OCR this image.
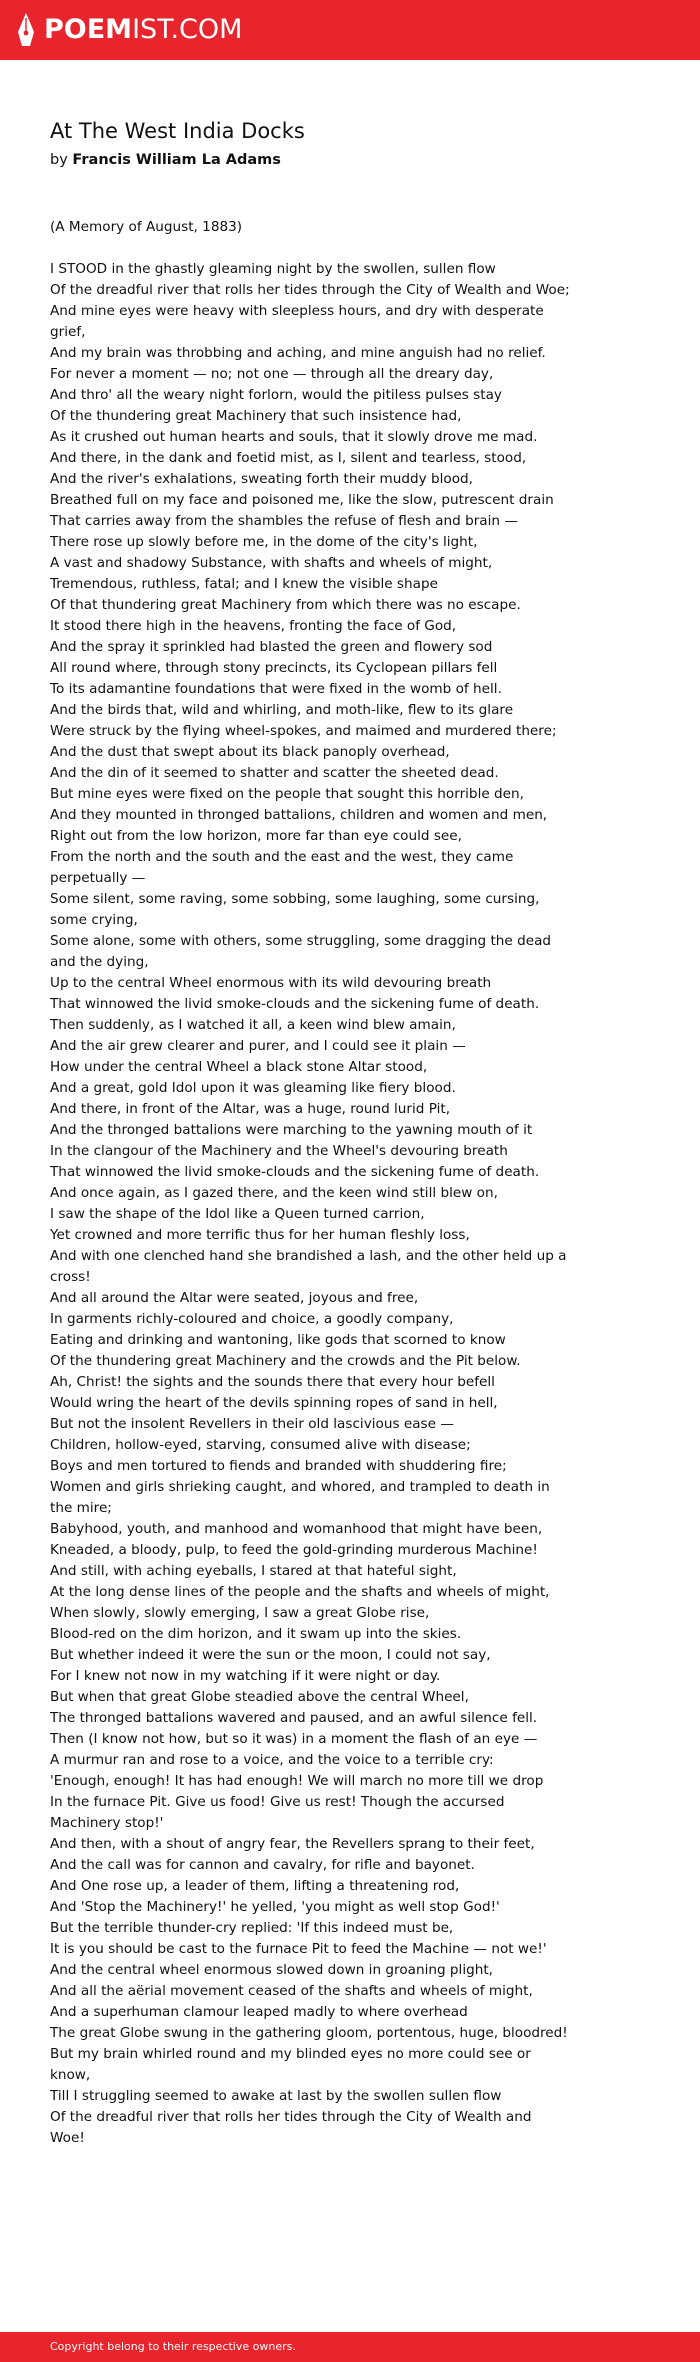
POEMIST.COM
At The West India Docks
by Francis William La Adams
(A Memory of August, 1883)
I STOOD in the ghastly gleaming night by the swollen, sullen flow
Of the dreadful river that rolls her tides through the City of Wealth and Woe;
And mine eyes were heavy with sleepless hours, and dry with desperate grief,
And my brain was throbbing and aching, and mine anguish had no relief.
For never a moment — no; not one — through all the dreary day,
And thro' all the weary night forlorn, would the pitiless pulses stay
Of the thundering great Machinery that such insistence had,
As it crushed out human hearts and souls, that it slowly drove me mad.
And there, in the dank and foetid mist, as I, silent and tearless, stood,
And the river's exhalations, sweating forth their muddy blood,
Breathed full on my face and poisoned me, like the slow, putrescent drain
That carries away from the shambles the refuse of flesh and brain —
There rose up slowly before me, in the dome of the city's light,
A vast and shadowy Substance, with shafts and wheels of might,
Tremendous, ruthless, fatal; and I knew the visible shape
Of that thundering great Machinery from which there was no escape.
It stood there high in the heavens, fronting the face of God,
And the spray it sprinkled had blasted the green and flowery sod
All round where, through stony precincts, its Cyclopean pillars fell
To its adamantine foundations that were fixed in the womb of hell.
And the birds that, wild and whirling, and moth-like, flew to its glare
Were struck by the flying wheel-spokes, and maimed and murdered there;
And the dust that swept about its black panoply overhead,
And the din of it seemed to shatter and scatter the sheeted dead.
But mine eyes were fixed on the people that sought this horrible den,
And they mounted in thronged battalions, children and women and men,
Right out from the low horizon, more far than eye could see,
From the north and the south and the east and the west, they came perpetually —
Some silent, some raving, some sobbing, some laughing, some cursing, some crying,
Some alone, some with others, some struggling, some dragging the dead and the dying,
Up to the central Wheel enormous with its wild devouring breath
That winnowed the livid smoke-clouds and the sickening fume of death.
Then suddenly, as I watched it all, a keen wind blew amain,
And the air grew clearer and purer, and I could see it plain —
How under the central Wheel a black stone Altar stood,
And a great, gold Idol upon it was gleaming like fiery blood.
And there, in front of the Altar, was a huge, round lurid Pit,
And the thronged battalions were marching to the yawning mouth of it
In the clangour of the Machinery and the Wheel's devouring breath
That winnowed the livid smoke-clouds and the sickening fume of death.
And once again, as I gazed there, and the keen wind still blew on,
I saw the shape of the Idol like a Queen turned carrion,
Yet crowned and more terrific thus for her human fleshly loss,
And with one clenched hand she brandished a lash, and the other held up a cross!
And all around the Altar were seated, joyous and free,
In garments richly-coloured and choice, a goodly company,
Eating and drinking and wantoning, like gods that scorned to know
Of the thundering great Machinery and the crowds and the Pit below.
Ah, Christ! the sights and the sounds there that every hour befell
Would wring the heart of the devils spinning ropes of sand in hell,
But not the insolent Revellers in their old lascivious ease —
Children, hollow-eyed, starving, consumed alive with disease;
Boys and men tortured to fiends and branded with shuddering fire;
Women and girls shrieking caught, and whored, and trampled to death in the mire;
Babyhood, youth, and manhood and womanhood that might have been,
Kneaded, a bloody, pulp, to feed the gold-grinding murderous Machine!
And still, with aching eyeballs, I stared at that hateful sight,
At the long dense lines of the people and the shafts and wheels of might,
When slowly, slowly emerging, I saw a great Globe rise,
Blood-red on the dim horizon, and it swam up into the skies.
But whether indeed it were the sun or the moon, I could not say,
For I knew not now in my watching if it were night or day.
But when that great Globe steadied above the central Wheel,
The thronged battalions wavered and paused, and an awful silence fell.
Then (I know not how, but so it was) in a moment the flash of an eye —
A murmur ran and rose to a voice, and the voice to a terrible cry:
'Enough, enough! It has had enough! We will march no more till we drop
In the furnace Pit. Give us food! Give us rest! Though the accursed Machinery stop!'
And then, with a shout of angry fear, the Revellers sprang to their feet,
And the call was for cannon and cavalry, for rifle and bayonet.
And One rose up, a leader of them, lifting a threatening rod,
And 'Stop the Machinery!' he yelled, 'you might as well stop God!'
But the terrible thunder-cry replied: 'If this indeed must be,
It is you should be cast to the furnace Pit to feed the Machine — not we!'
And the central wheel enormous slowed down in groaning plight,
And all the aërial movement ceased of the shafts and wheels of might,
And a superhuman clamour leaped madly to where overhead
The great Globe swung in the gathering gloom, portentous, huge, bloodred!
But my brain whirled round and my blinded eyes no more could see or know,
Till I struggling seemed to awake at last by the swollen sullen flow
Of the dreadful river that rolls her tides through the City of Wealth and Woe!
Copyright belong to their respective owners.
